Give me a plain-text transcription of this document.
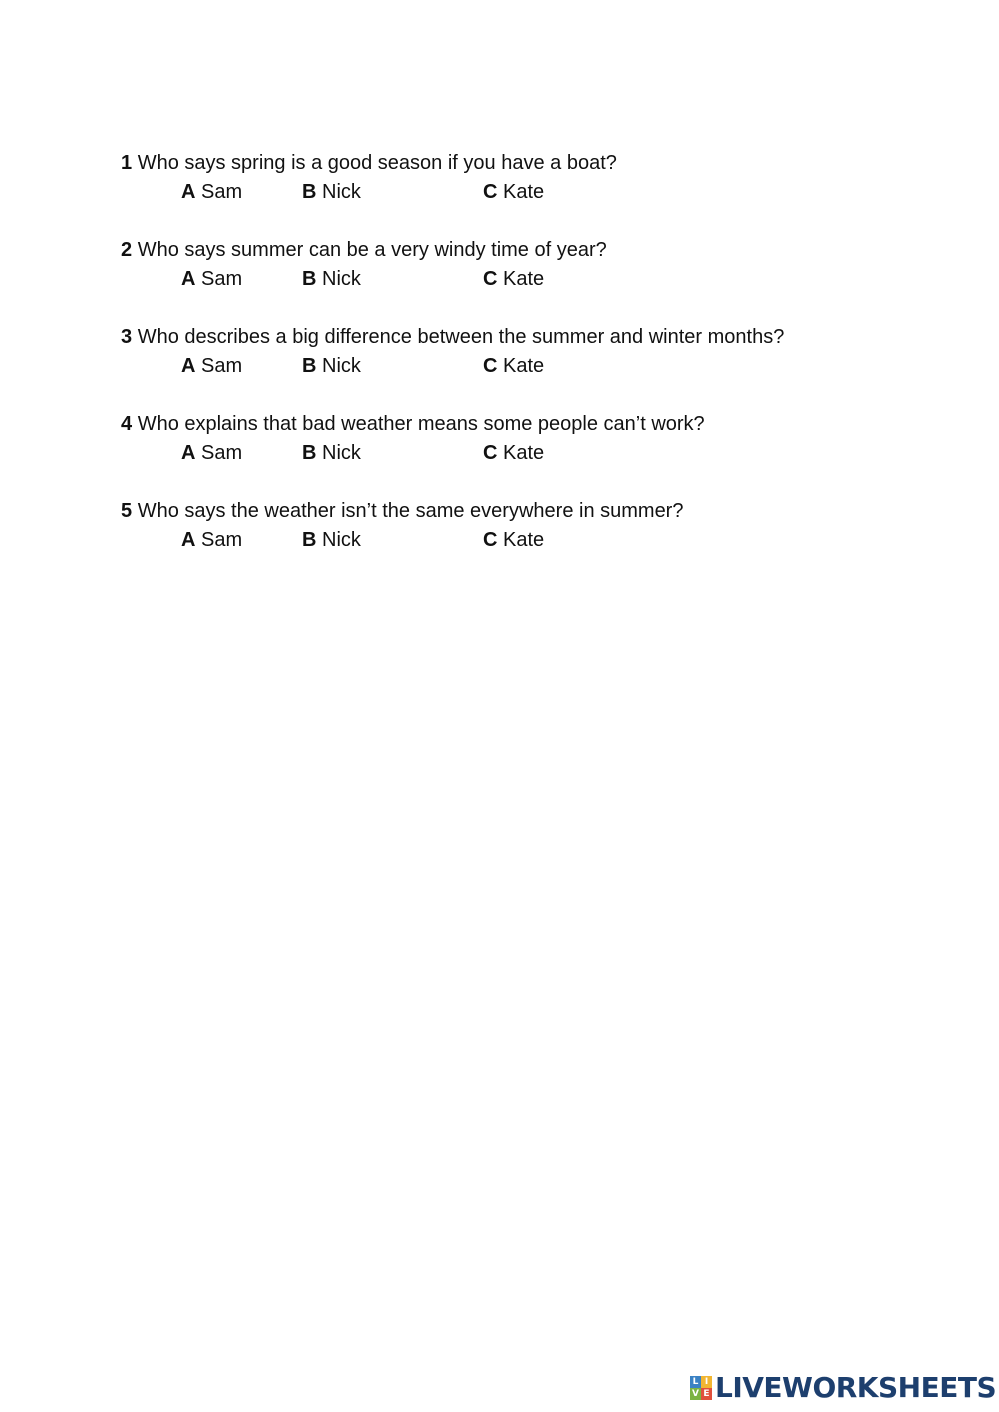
1 Who says spring is a good season if you have a boat?
A Sam	B Nick	C Kate
2 Who says summer can be a very windy time of year?
A Sam	B Nick	C Kate
3 Who describes a big difference between the summer and winter months?
A Sam	B Nick	C Kate
4 Who explains that bad weather means some people can’t work?
A Sam	B Nick	C Kate
5 Who says the weather isn’t the same everywhere in summer?
A Sam	B Nick	C Kate
L I
V E LIVEWORKSHEETS
